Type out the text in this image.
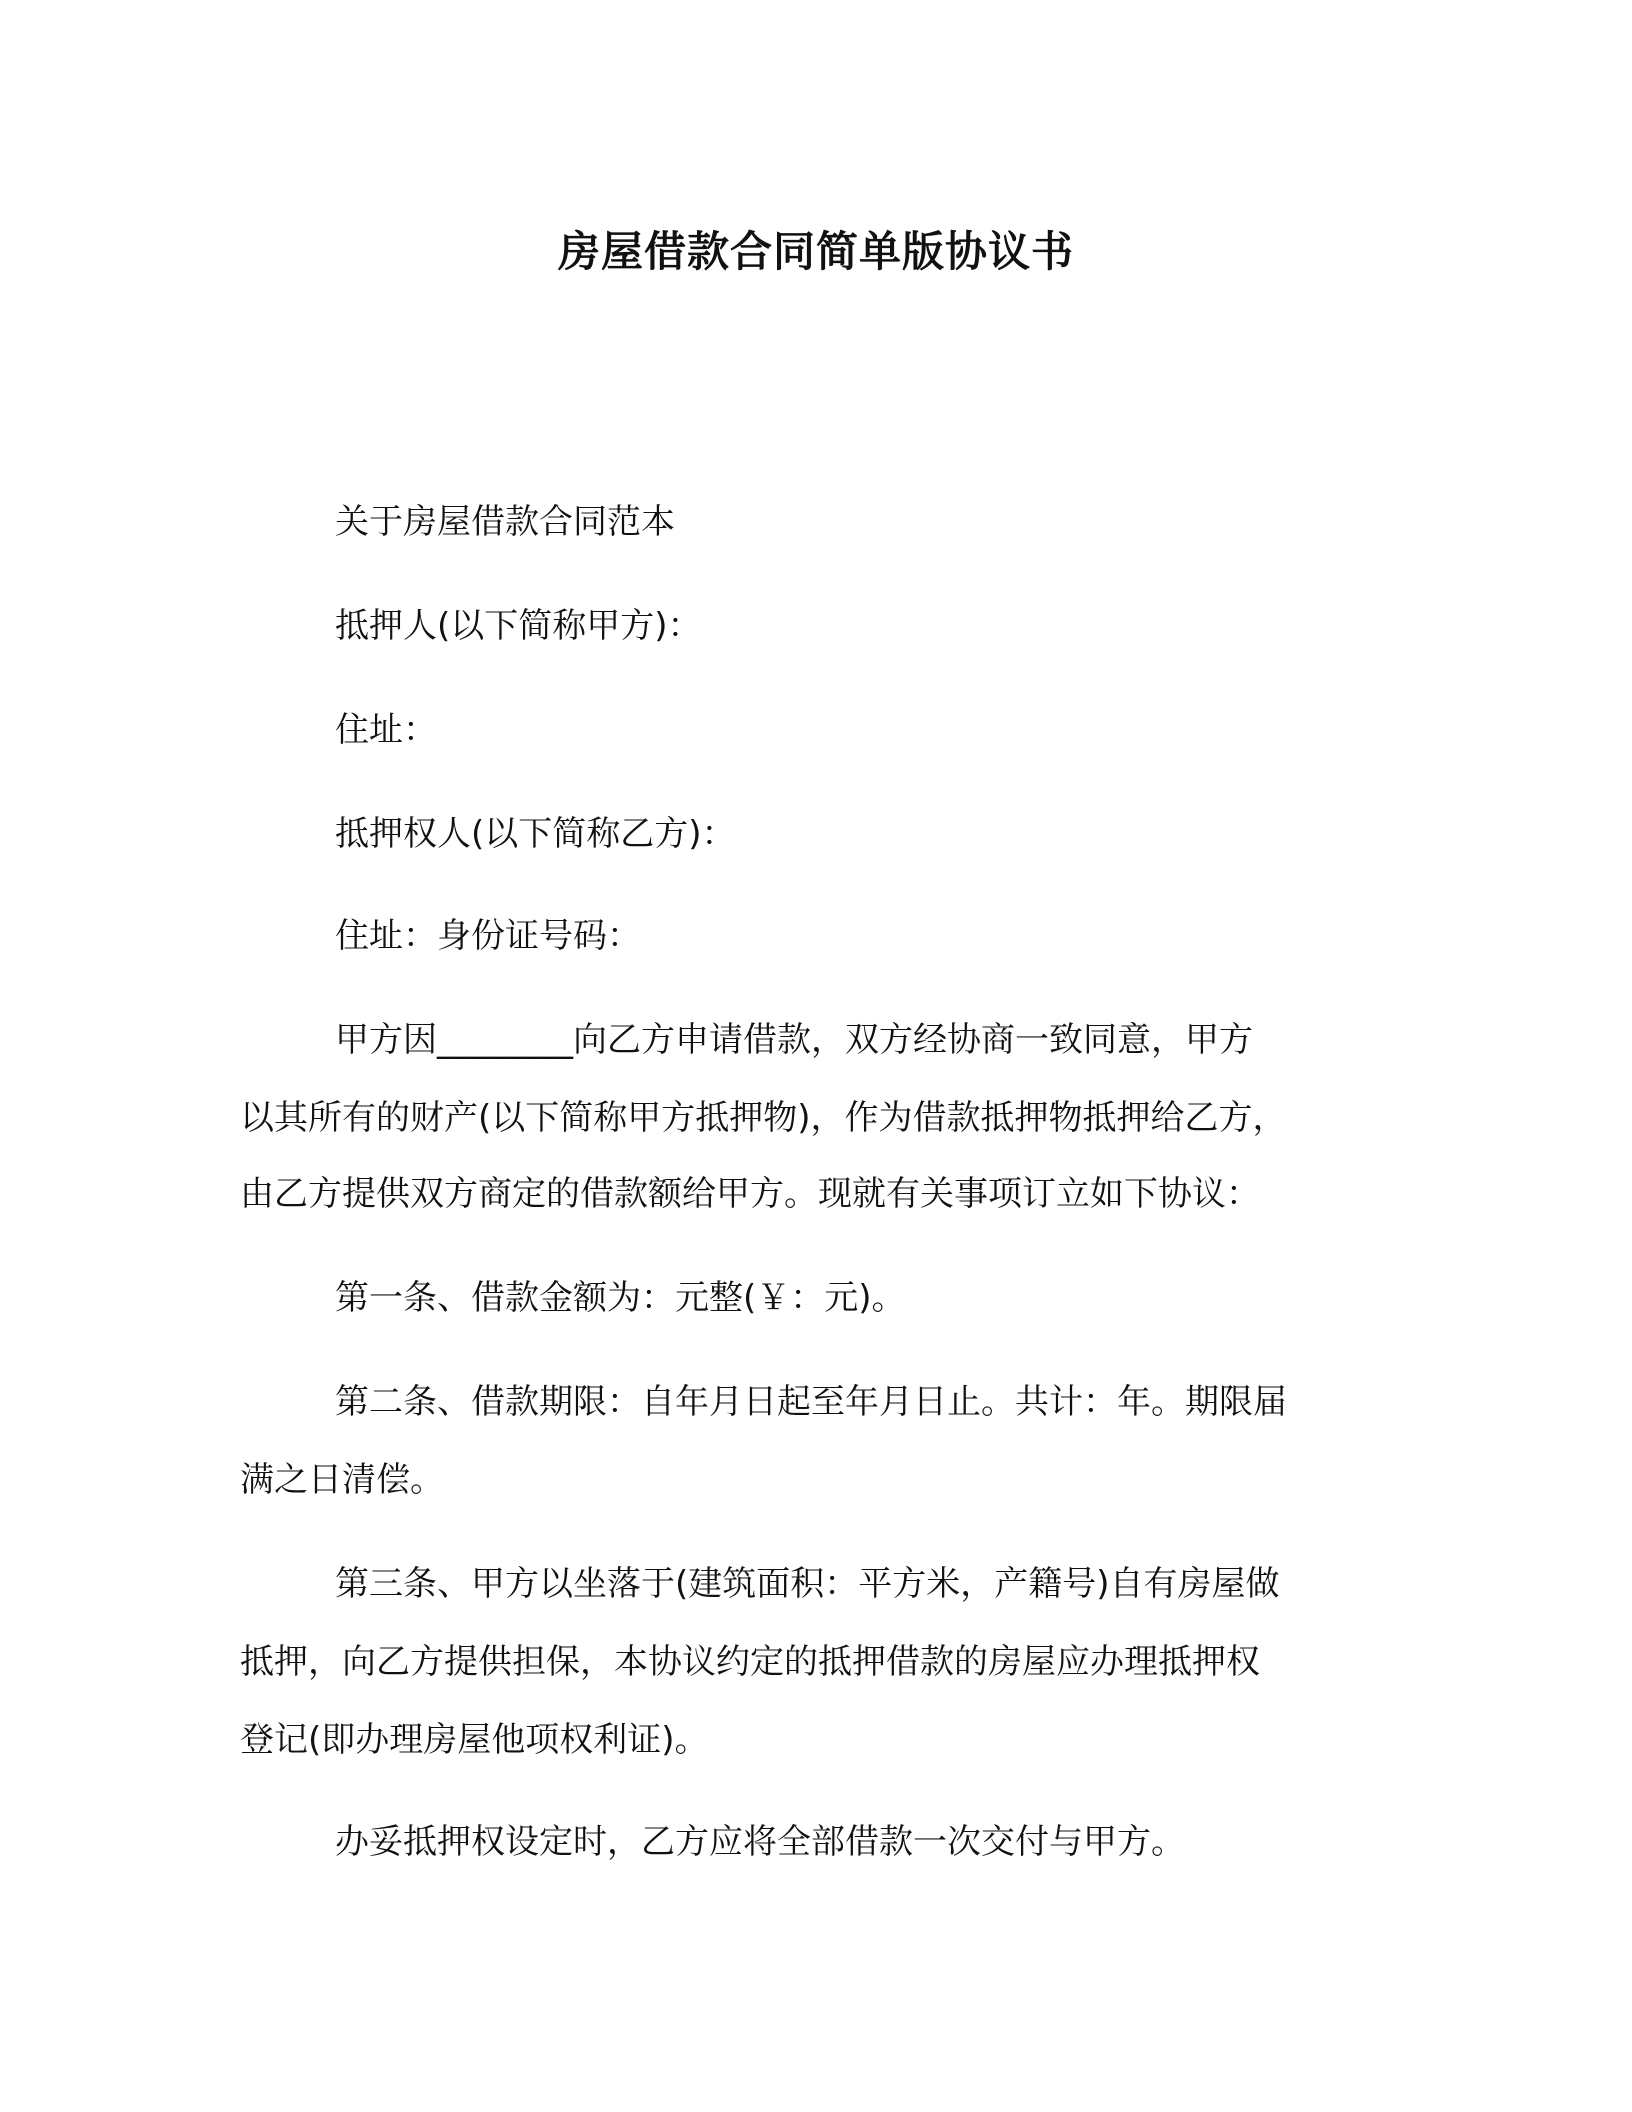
房屋借款合同简单版协议书
关于房屋借款合同范本
抵押人(以下简称甲方)：
住址：
抵押权人(以下简称乙方)：
住址：身份证号码：
甲方因________向乙方申请借款，双方经协商一致同意，甲方
以其所有的财产(以下简称甲方抵押物)，作为借款抵押物抵押给乙方，
由乙方提供双方商定的借款额给甲方。现就有关事项订立如下协议：
第一条、借款金额为：元整(￥：元)。
第二条、借款期限：自年月日起至年月日止。共计：年。期限届
满之日清偿。
第三条、甲方以坐落于(建筑面积：平方米，产籍号)自有房屋做
抵押，向乙方提供担保，本协议约定的抵押借款的房屋应办理抵押权
登记(即办理房屋他项权利证)。
办妥抵押权设定时，乙方应将全部借款一次交付与甲方。
